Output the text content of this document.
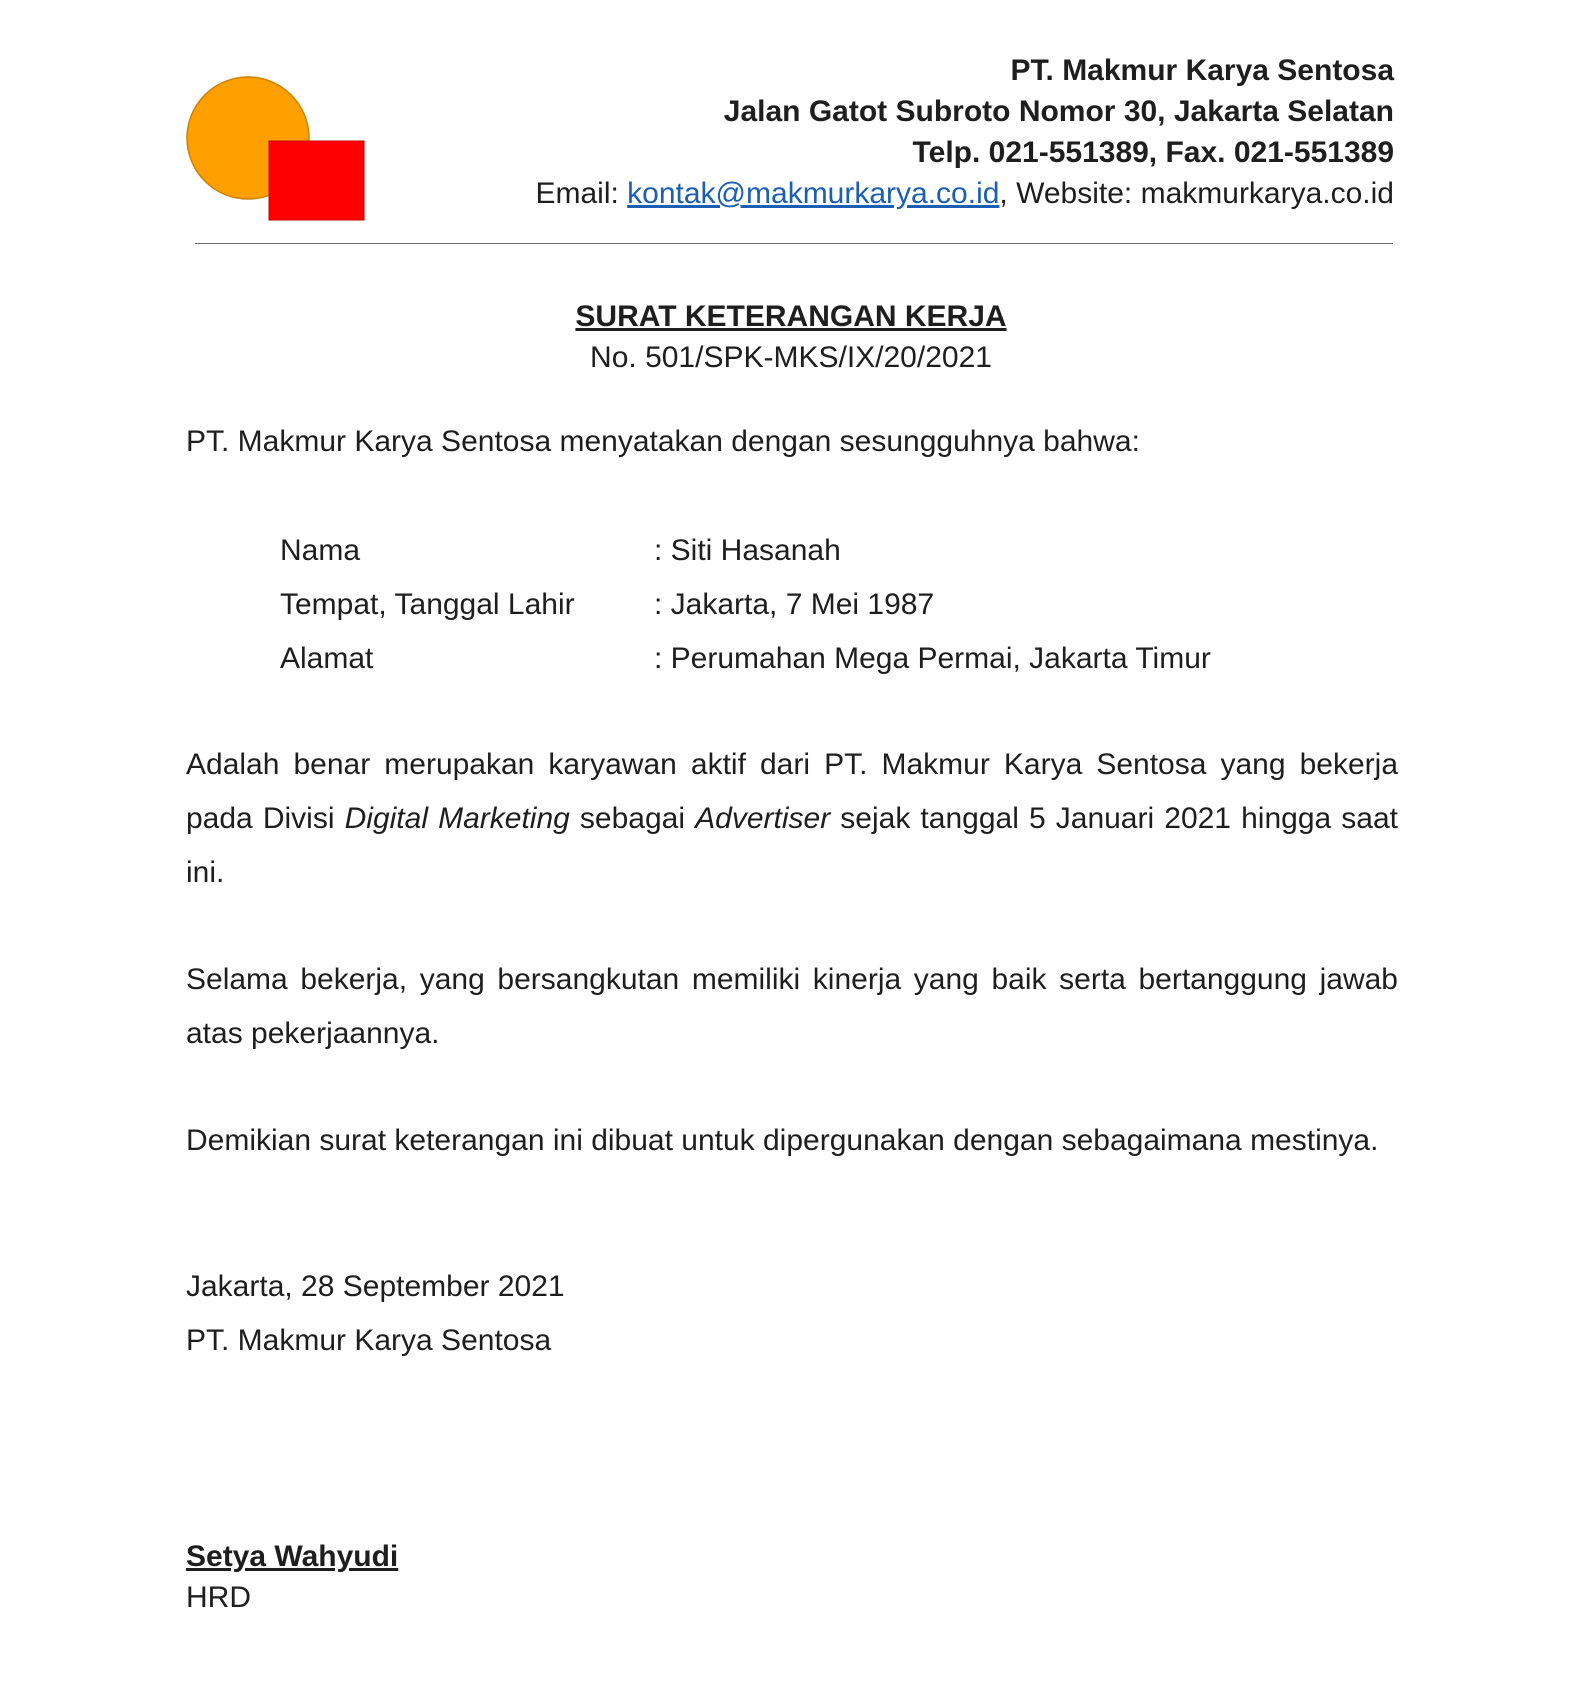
PT. Makmur Karya Sentosa
Jalan Gatot Subroto Nomor 30, Jakarta Selatan
Telp. 021-551389, Fax. 021-551389
Email: kontak@makmurkarya.co.id, Website: makmurkarya.co.id
SURAT KETERANGAN KERJA
No. 501/SPK-MKS/IX/20/2021

PT. Makmur Karya Sentosa menyatakan dengan sesungguhnya bahwa:

Nama	: Siti Hasanah
Tempat, Tanggal Lahir	: Jakarta, 7 Mei 1987
Alamat	: Perumahan Mega Permai, Jakarta Timur

Adalah benar merupakan karyawan aktif dari PT. Makmur Karya Sentosa yang bekerja pada Divisi Digital Marketing sebagai Advertiser sejak tanggal 5 Januari 2021 hingga saat ini.

Selama bekerja, yang bersangkutan memiliki kinerja yang baik serta bertanggung jawab atas pekerjaannya.

Demikian surat keterangan ini dibuat untuk dipergunakan dengan sebagaimana mestinya.

Jakarta, 28 September 2021
PT. Makmur Karya Sentosa
Setya Wahyudi
HRD
